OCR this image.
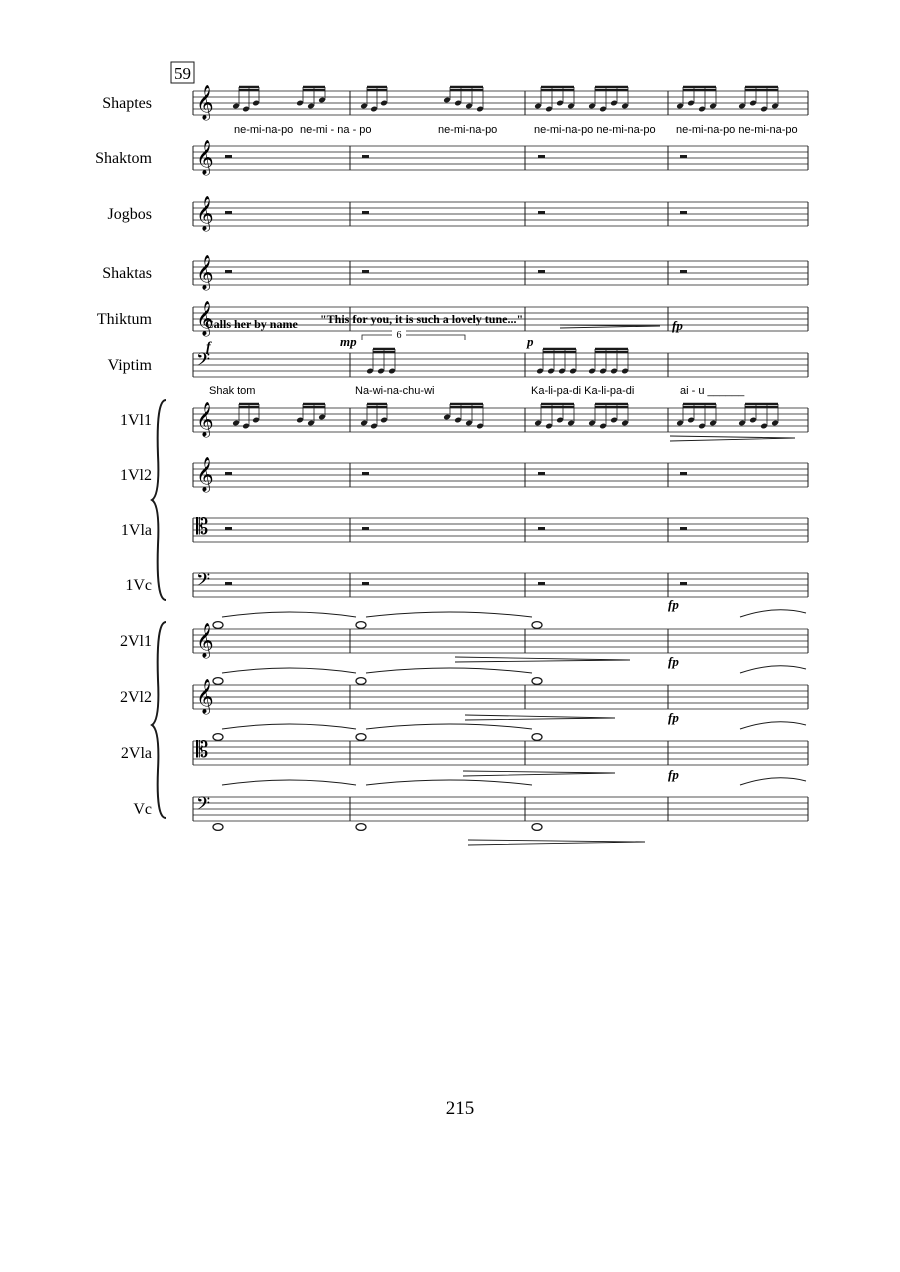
59
215
Shaptes
Shaktom
Jogbos
Shaktas
Thiktum
Viptim
1Vl1
1Vl2
1Vla
1Vc
2Vl1
2Vl2
2Vla
Vc
𝄞
𝄞
𝄞
𝄞
𝄞
𝄢
𝄞
𝄞
𝄡
𝄢
𝄞
𝄞
𝄡
𝄢
ne-mi-na-po ne-mi - na - po	ne-mi-na-po	ne-mi-na-po ne-mi-na-po ne-mi-na-po ne-mi-na-po
Shak tom	Na-wi-na-chu-wi	Ka-li-pa-di Ka-li-pa-di	ai - u ______
Calls her by name "This for you, it is such a lovely tune..."
f	mp	p
fp
fp
fp
fp
fp
6
